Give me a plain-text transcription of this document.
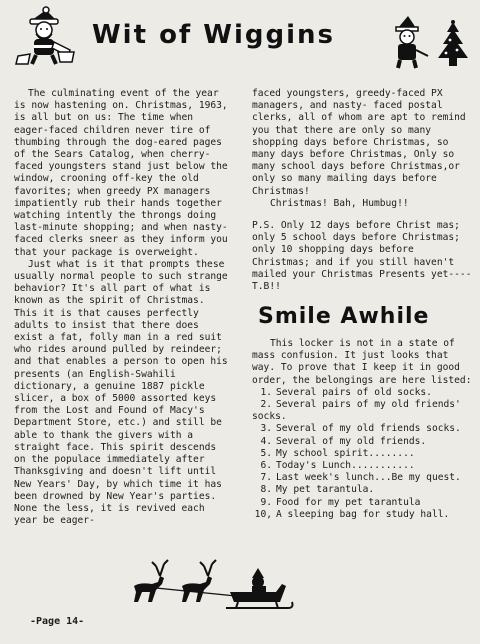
Wit of Wiggins

The culminating event of the year is now hastening on. Christmas, 1963, is all but on us: The time when eager-faced children never tire of thumbing through the dog-eared pages of the Sears Catalog, when cherry-faced youngsters stand just below the window, crooning off-key the old favorites; when greedy PX managers impatiently rub their hands together watching intently the throngs doing last-minute shopping; and when nasty-faced clerks sneer as they inform you that your package is overweight.

Just what is it that prompts these usually normal people to such strange behavior? It's all part of what is known as the spirit of Christmas. This it is that causes perfectly adults to insist that there does exist a fat, folly man in a red suit who rides around pulled by reindeer; and that enables a person to open his presents (an English-Swahili dictionary, a genuine 1887 pickle slicer, a box of 5000 assorted keys from the Lost and Found of Macy's Department Store, etc.) and still be able to thank the givers with a straight face. This spirit descends on the populace immediately after Thanksgiving and doesn't lift until New Years' Day, by which time it has been drowned by New Year's parties. None the less, it is revived each year be eager-

faced youngsters, greedy-faced PX managers, and nasty- faced postal clerks, all of whom are apt to remind you that there are only so many shopping days before Christmas, so many days before Christmas, Only so many school days before Christmas,or only so many mailing days before Christmas!

Christmas! Bah, Humbug!!

P.S. Only 12 days before Christ mas; only 5 school days before Christmas; only 10 shopping days before Christmas; and if you still haven't mailed your Christmas Presents yet----T.B!!

Smile Awhile

This locker is not in a state of mass confusion. It just looks that way. To prove that I keep it in good order, the belongings are here listed:

1. Several pairs of old socks.
2. Several pairs of my old friends' socks.
3. Several of my old friends socks.
4. Several of my old friends.
5. My school spirit........
6. Today's Lunch...........
7. Last week's lunch...Be my quest.
8. My pet tarantula.
9. Food for my pet tarantula
10, A sleeping bag for study hall.
-Page 14-
